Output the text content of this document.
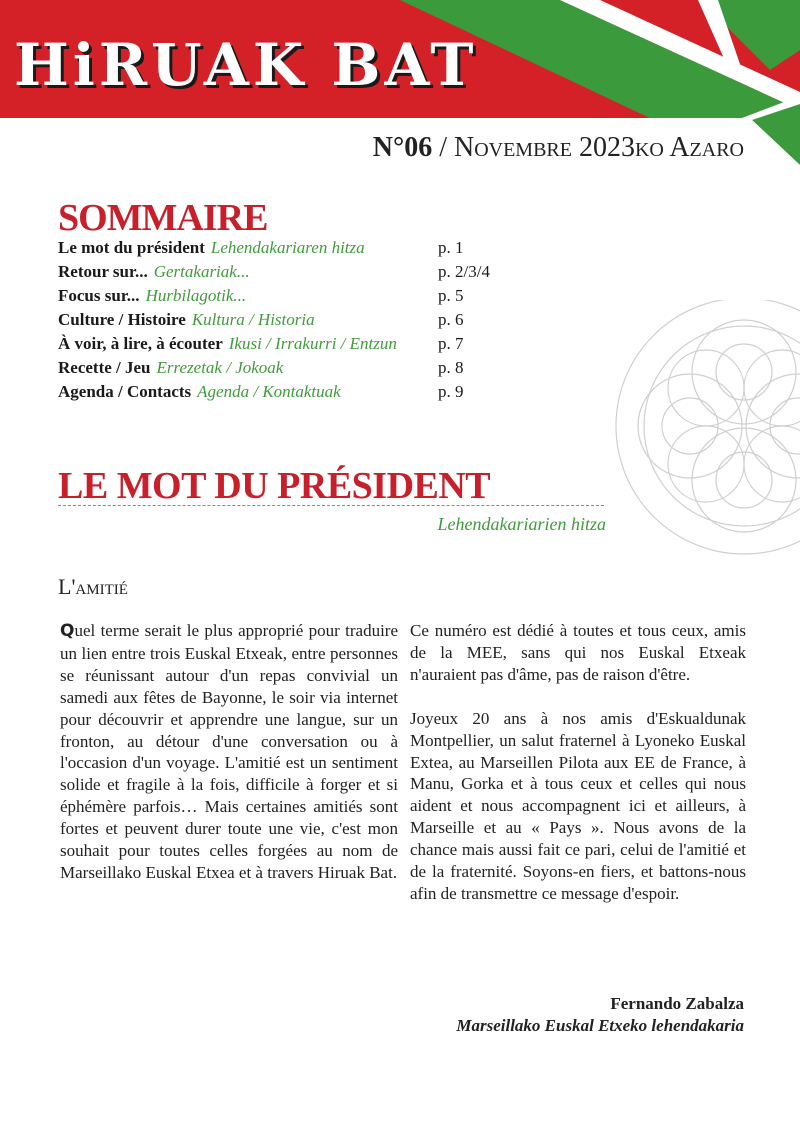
HiRUAK BAT
N°06 / Novembre 2023ko Azaro
SOMMAIRE
Le mot du président Lehendakariaren hitza	p. 1
Retour sur... Gertakariak...	p. 2/3/4
Focus sur... Hurbilagotik...	p. 5
Culture / Histoire Kultura / Historia	p. 6
À voir, à lire, à écouter Ikusi / Irrakurri / Entzun p. 7
Recette / Jeu Errezetak / Jokoak	p. 8
Agenda / Contacts Agenda / Kontaktuak	p. 9
LE MOT DU PRÉSIDENT
Lehendakariarien hitza
L'amitié

Quel terme serait le plus approprié pour traduire un lien entre trois Euskal Etxeak, entre personnes se réunissant autour d'un repas convivial un samedi aux fêtes de Bayonne, le soir via internet pour découvrir et apprendre une langue, sur un fronton, au détour d'une conversation ou à l'occasion d'un voyage. L'amitié est un sentiment solide et fragile à la fois, difficile à forger et si éphémère parfois… Mais certaines amitiés sont fortes et peuvent durer toute une vie, c'est mon souhait pour toutes celles forgées au nom de Marseillako Euskal Etxea et à travers Hiruak Bat.

Ce numéro est dédié à toutes et tous ceux, amis de la MEE, sans qui nos Euskal Etxeak n'auraient pas d'âme, pas de raison d'être.

Joyeux 20 ans à nos amis d'Eskualdunak Montpellier, un salut fraternel à Lyoneko Euskal Extea, au Marseillen Pilota aux EE de France, à Manu, Gorka et à tous ceux et celles qui nous aident et nous accompagnent ici et ailleurs, à Marseille et au « Pays ». Nous avons de la chance mais aussi fait ce pari, celui de l'amitié et de la fraternité. Soyons-en fiers, et battons-nous afin de transmettre ce message d'espoir.

Fernando Zabalza
Marseillako Euskal Etxeko lehendakaria
